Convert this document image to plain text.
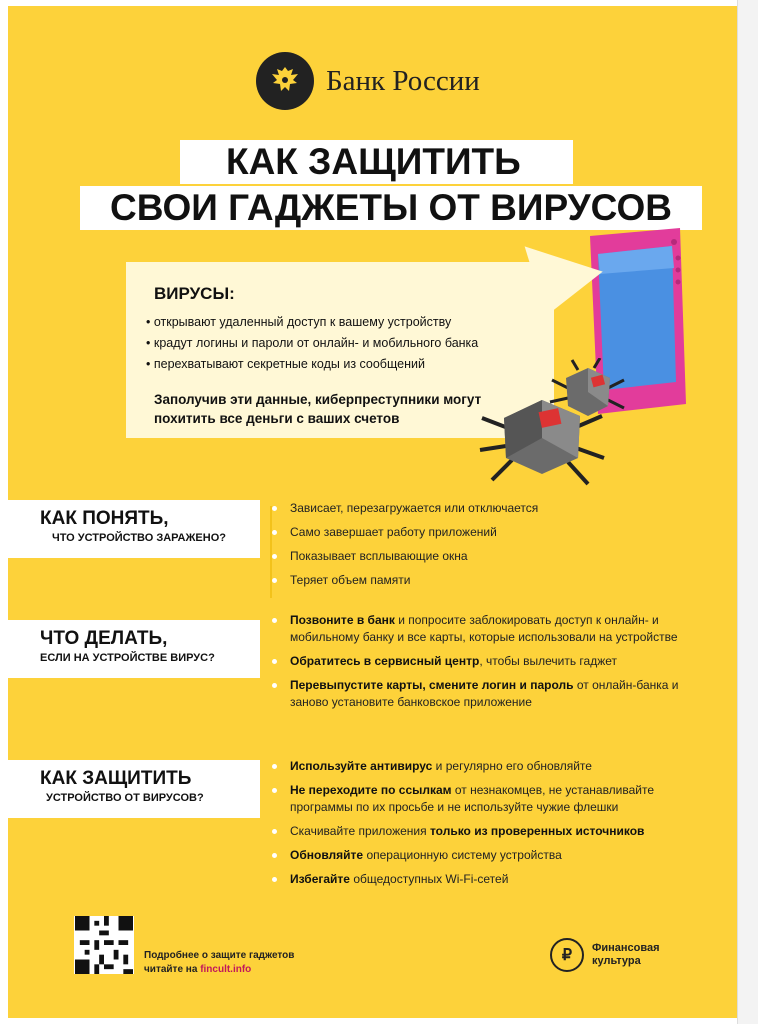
Банк России
КАК ЗАЩИТИТЬ
СВОИ ГАДЖЕТЫ ОТ ВИРУСОВ
ВИРУСЫ:
• открывают удаленный доступ к вашему устройству
• крадут логины и пароли от онлайн- и мобильного банка
• перехватывают секретные коды из сообщений
Заполучив эти данные, киберпреступники могут похитить все деньги с ваших счетов
КАК ПОНЯТЬ,
ЧТО УСТРОЙСТВО ЗАРАЖЕНО?
Зависает, перезагружается или отключается
Само завершает работу приложений
Показывает всплывающие окна
Теряет объем памяти
ЧТО ДЕЛАТЬ,
ЕСЛИ НА УСТРОЙСТВЕ ВИРУС?
Позвоните в банк и попросите заблокировать доступ к онлайн- и мобильному банку и все карты, которые использовали на устройстве
Обратитесь в сервисный центр, чтобы вылечить гаджет
Перевыпустите карты, смените логин и пароль от онлайн-банка и заново установите банковское приложение
КАК ЗАЩИТИТЬ
УСТРОЙСТВО ОТ ВИРУСОВ?
Используйте антивирус и регулярно его обновляйте
Не переходите по ссылкам от незнакомцев, не устанавливайте программы по их просьбе и не используйте чужие флешки
Скачивайте приложения только из проверенных источников
Обновляйте операционную систему устройства
Избегайте общедоступных Wi-Fi-сетей
Подробнее о защите гаджетов
читайте на fincult.info
₽	Финансовая
культура
